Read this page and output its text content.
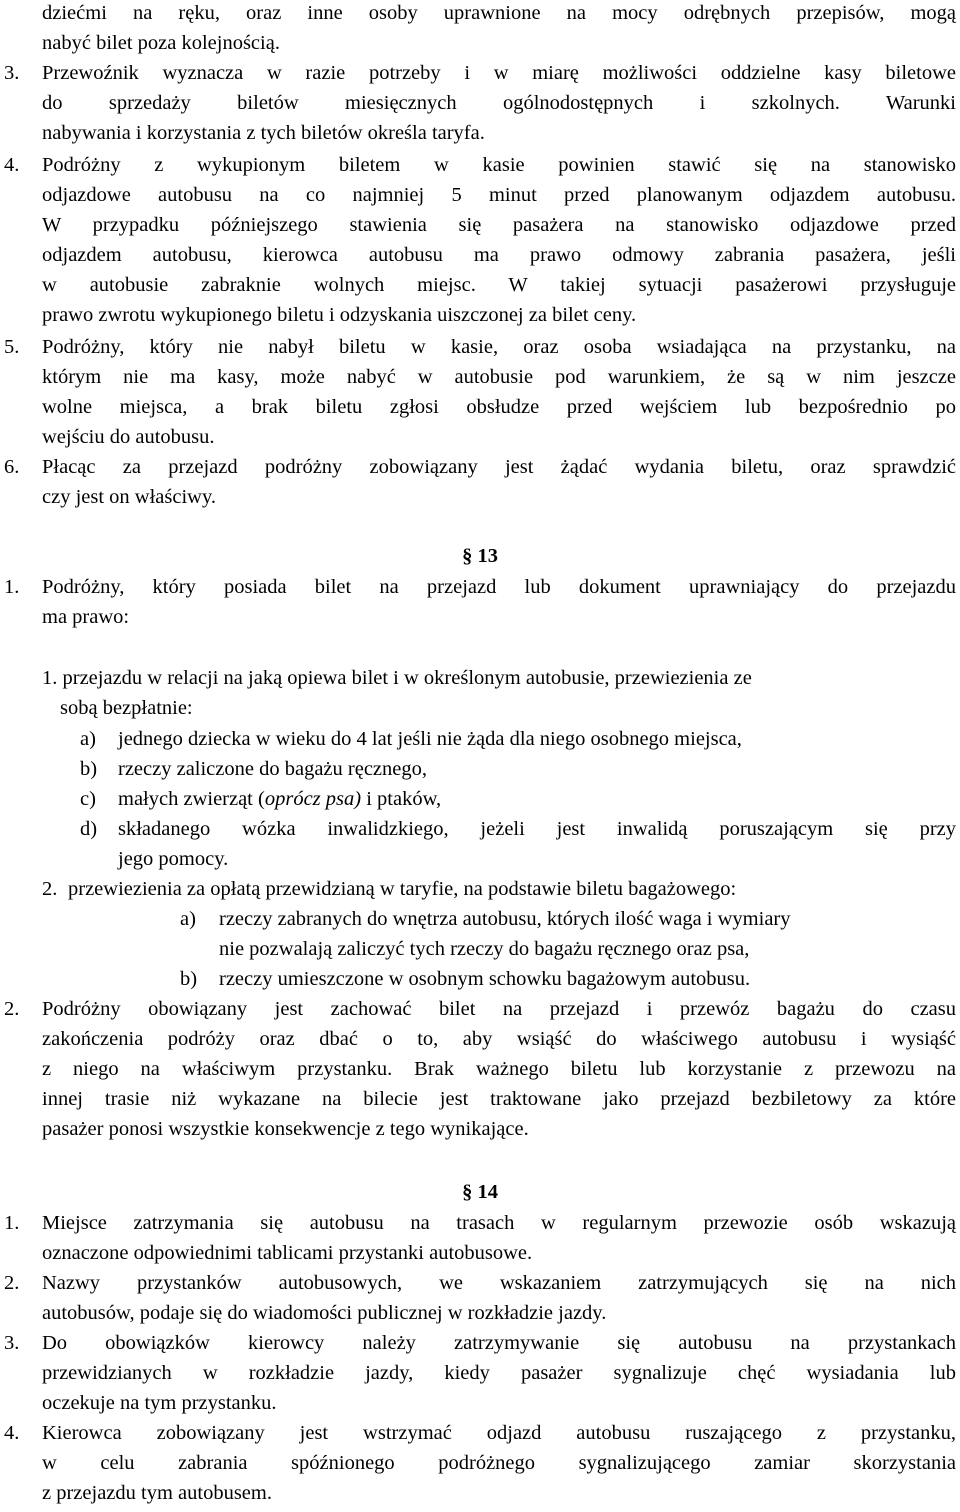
dziećmi na ręku, oraz inne osoby uprawnione na mocy odrębnych przepisów, mogą
nabyć bilet poza kolejnością.
3. Przewoźnik wyznacza w razie potrzeby i w miarę możliwości oddzielne kasy biletowe
do sprzedaży biletów miesięcznych ogólnodostępnych i szkolnych. Warunki
nabywania i korzystania z tych biletów określa taryfa.
4. Podróżny z wykupionym biletem w kasie powinien stawić się na stanowisko
odjazdowe autobusu na co najmniej 5 minut przed planowanym odjazdem autobusu.
W przypadku późniejszego stawienia się pasażera na stanowisko odjazdowe przed
odjazdem autobusu, kierowca autobusu ma prawo odmowy zabrania pasażera, jeśli
w autobusie zabraknie wolnych miejsc. W takiej sytuacji pasażerowi przysługuje
prawo zwrotu wykupionego biletu i odzyskania uiszczonej za bilet ceny.
5. Podróżny, który nie nabył biletu w kasie, oraz osoba wsiadająca na przystanku, na
którym nie ma kasy, może nabyć w autobusie pod warunkiem, że są w nim jeszcze
wolne miejsca, a brak biletu zgłosi obsłudze przed wejściem lub bezpośrednio po
wejściu do autobusu.
6. Płacąc za przejazd podróżny zobowiązany jest żądać wydania biletu, oraz sprawdzić
czy jest on właściwy.
§ 13
1. Podróżny, który posiada bilet na przejazd lub dokument uprawniający do przejazdu
ma prawo:
1. przejazdu w relacji na jaką opiewa bilet i w określonym autobusie, przewiezienia ze
sobą bezpłatnie:
a) jednego dziecka w wieku do 4 lat jeśli nie żąda dla niego osobnego miejsca,
b) rzeczy zaliczone do bagażu ręcznego,
c) małych zwierząt (oprócz psa) i ptaków,
d) składanego wózka inwalidzkiego, jeżeli jest inwalidą poruszającym się przy
jego pomocy.
2. przewiezienia za opłatą przewidzianą w taryfie, na podstawie biletu bagażowego:
a) rzeczy zabranych do wnętrza autobusu, których ilość waga i wymiary
nie pozwalają zaliczyć tych rzeczy do bagażu ręcznego oraz psa,
b) rzeczy umieszczone w osobnym schowku bagażowym autobusu.
2. Podróżny obowiązany jest zachować bilet na przejazd i przewóz bagażu do czasu
zakończenia podróży oraz dbać o to, aby wsiąść do właściwego autobusu i wysiąść
z niego na właściwym przystanku. Brak ważnego biletu lub korzystanie z przewozu na
innej trasie niż wykazane na bilecie jest traktowane jako przejazd bezbiletowy za które
pasażer ponosi wszystkie konsekwencje z tego wynikające.
§ 14
1. Miejsce zatrzymania się autobusu na trasach w regularnym przewozie osób wskazują
oznaczone odpowiednimi tablicami przystanki autobusowe.
2. Nazwy przystanków autobusowych, we wskazaniem zatrzymujących się na nich
autobusów, podaje się do wiadomości publicznej w rozkładzie jazdy.
3. Do obowiązków kierowcy należy zatrzymywanie się autobusu na przystankach
przewidzianych w rozkładzie jazdy, kiedy pasażer sygnalizuje chęć wysiadania lub
oczekuje na tym przystanku.
4. Kierowca zobowiązany jest wstrzymać odjazd autobusu ruszającego z przystanku,
w celu zabrania spóźnionego podróżnego sygnalizującego zamiar skorzystania
z przejazdu tym autobusem.
